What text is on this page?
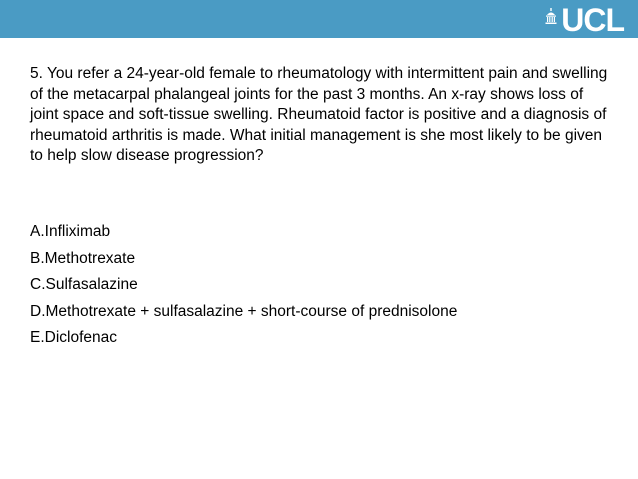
UCL

5. You refer a 24-year-old female to rheumatology with intermittent pain and swelling of the metacarpal phalangeal joints for the past 3 months. An x-ray shows loss of joint space and soft-tissue swelling. Rheumatoid factor is positive and a diagnosis of rheumatoid arthritis is made. What initial management is she most likely to be given to help slow disease progression?

A.Infliximab
B.Methotrexate
C.Sulfasalazine
D.Methotrexate + sulfasalazine + short-course of prednisolone
E.Diclofenac
